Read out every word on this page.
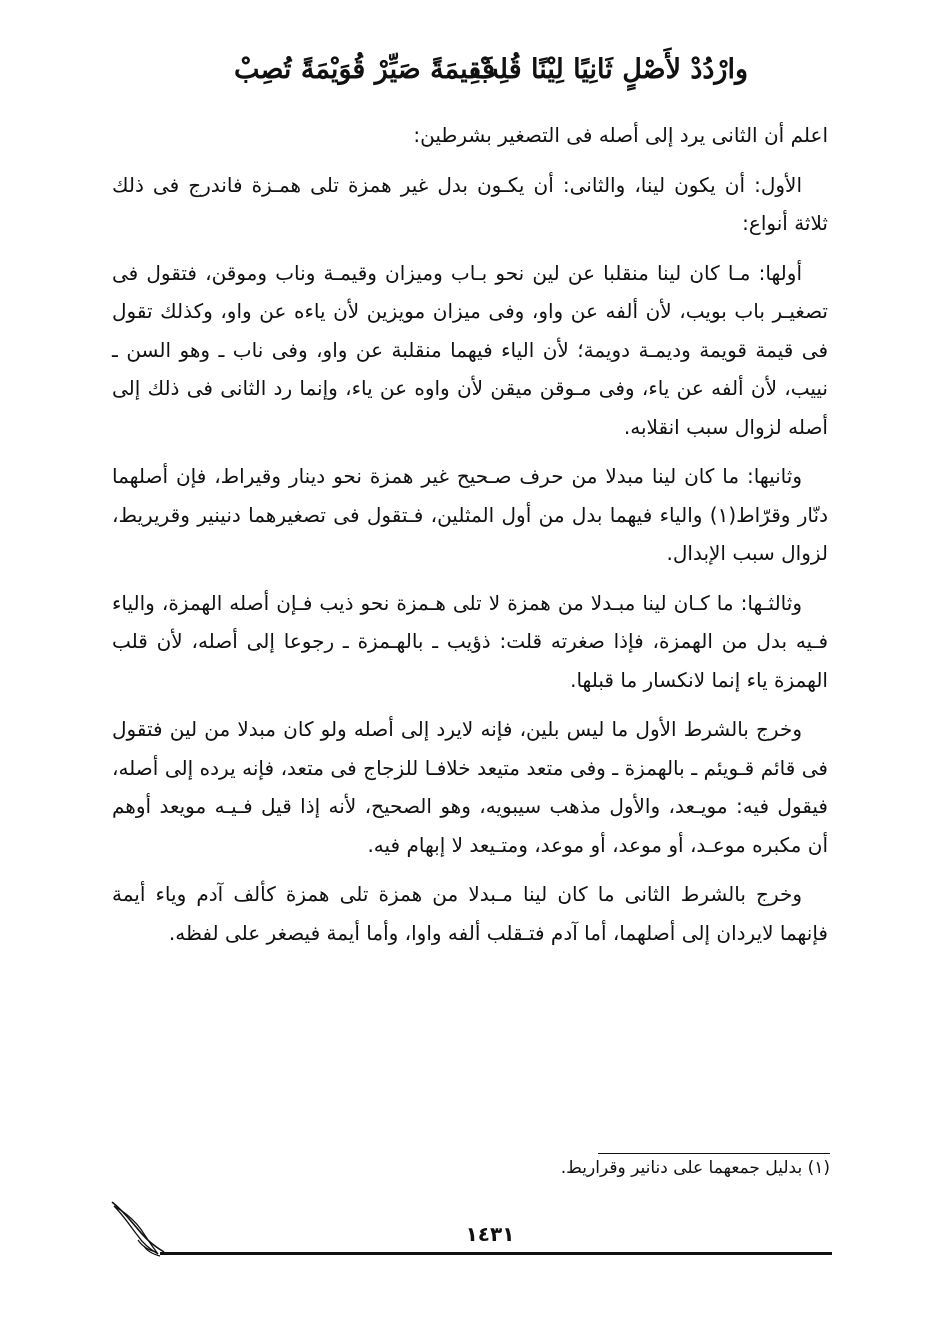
وارْدُدْ لأَصْلٍ ثَانِيًا لِيْنًا قُلِبْ
فَقِيمَةً صَيِّرْ قُوَيْمَةً تُصِبْ

اعلم أن الثانى يرد إلى أصله فى التصغير بشرطين:

الأول: أن يكون لينا، والثانى: أن يكـون بدل غير همزة تلى همـزة فاندرج فى ذلك ثلاثة أنواع:

أولها: مـا كان لينا منقلبا عن لين نحو بـاب وميزان وقيمـة وناب وموقن، فتقول فى تصغيـر باب بويب، لأن ألفه عن واو، وفى ميزان مويزين لأن ياءه عن واو، وكذلك تقول فى قيمة قويمة وديمـة دويمة؛ لأن الياء فيهما منقلبة عن واو، وفى ناب ـ وهو السن ـ نييب، لأن ألفه عن ياء، وفى مـوقن ميقن لأن واوه عن ياء، وإنما رد الثانى فى ذلك إلى أصله لزوال سبب انقلابه.

وثانيها: ما كان لينا مبدلا من حرف صـحيح غير همزة نحو دينار وقيراط، فإن أصلهما دنّار وقرّاط(١) والياء فيهما بدل من أول المثلين، فـتقول فى تصغيرهما دنينير وقريريط، لزوال سبب الإبدال.

وثالثـها: ما كـان لينا مبـدلا من همزة لا تلى هـمزة نحو ذيب فـإن أصله الهمزة، والياء فـيه بدل من الهمزة، فإذا صغرته قلت: ذؤيب ـ بالهـمزة ـ رجوعا إلى أصله، لأن قلب الهمزة ياء إنما لانكسار ما قبلها.

وخرج بالشرط الأول ما ليس بلين، فإنه لايرد إلى أصله ولو كان مبدلا من لين فتقول فى قائم قـويئم ـ بالهمزة ـ وفى متعد متيعد خلافـا للزجاج فى متعد، فإنه يرده إلى أصله، فيقول فيه: مويـعد، والأول مذهب سيبويه، وهو الصحيح، لأنه إذا قيل فـيـه مويعد أوهم أن مكبره موعـد، أو موعد، أو موعد، ومتـيعد لا إبهام فيه.

وخرج بالشرط الثانى ما كان لينا مـبدلا من همزة تلى همزة كألف آدم وياء أيمة فإنهما لايردان إلى أصلهما، أما آدم فتـقلب ألفه واوا، وأما أيمة فيصغر على لفظه.

(١) بدليل جمعهما على دنانير وقراريط.
١٤٣١
